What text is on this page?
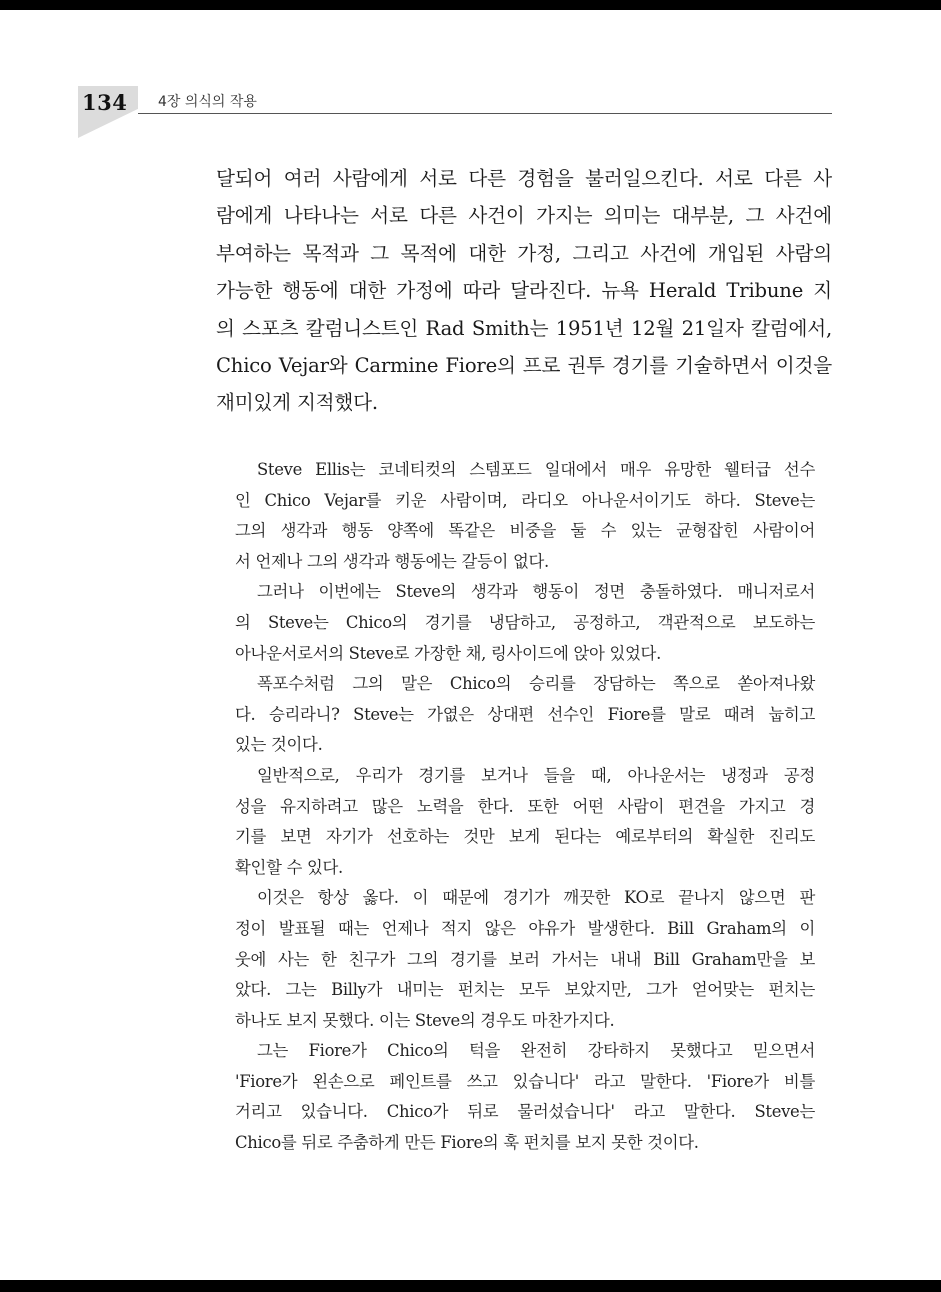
134 4장 의식의 작용
달되어 여러 사람에게 서로 다른 경험을 불러일으킨다. 서로 다른 사
람에게 나타나는 서로 다른 사건이 가지는 의미는 대부분, 그 사건에
부여하는 목적과 그 목적에 대한 가정, 그리고 사건에 개입된 사람의
가능한 행동에 대한 가정에 따라 달라진다. 뉴욕 Herald Tribune 지
의 스포츠 칼럼니스트인 Rad Smith는 1951년 12월 21일자 칼럼에서,
Chico Vejar와 Carmine Fiore의 프로 권투 경기를 기술하면서 이것을
재미있게 지적했다.
Steve Ellis는 코네티컷의 스템포드 일대에서 매우 유망한 웰터급 선수
인 Chico Vejar를 키운 사람이며, 라디오 아나운서이기도 하다. Steve는
그의 생각과 행동 양쪽에 똑같은 비중을 둘 수 있는 균형잡힌 사람이어
서 언제나 그의 생각과 행동에는 갈등이 없다.
그러나 이번에는 Steve의 생각과 행동이 정면 충돌하였다. 매니저로서
의 Steve는 Chico의 경기를 냉담하고, 공정하고, 객관적으로 보도하는
아나운서로서의 Steve로 가장한 채, 링사이드에 앉아 있었다.
폭포수처럼 그의 말은 Chico의 승리를 장담하는 쪽으로 쏟아져나왔
다. 승리라니? Steve는 가엾은 상대편 선수인 Fiore를 말로 때려 눕히고
있는 것이다.
일반적으로, 우리가 경기를 보거나 들을 때, 아나운서는 냉정과 공정
성을 유지하려고 많은 노력을 한다. 또한 어떤 사람이 편견을 가지고 경
기를 보면 자기가 선호하는 것만 보게 된다는 예로부터의 확실한 진리도
확인할 수 있다.
이것은 항상 옳다. 이 때문에 경기가 깨끗한 KO로 끝나지 않으면 판
정이 발표될 때는 언제나 적지 않은 야유가 발생한다. Bill Graham의 이
웃에 사는 한 친구가 그의 경기를 보러 가서는 내내 Bill Graham만을 보
았다. 그는 Billy가 내미는 펀치는 모두 보았지만, 그가 얻어맞는 펀치는
하나도 보지 못했다. 이는 Steve의 경우도 마찬가지다.
그는 Fiore가 Chico의 턱을 완전히 강타하지 못했다고 믿으면서
'Fiore가 왼손으로 페인트를 쓰고 있습니다' 라고 말한다. 'Fiore가 비틀
거리고 있습니다. Chico가 뒤로 물러섰습니다' 라고 말한다. Steve는
Chico를 뒤로 주춤하게 만든 Fiore의 훅 펀치를 보지 못한 것이다.
